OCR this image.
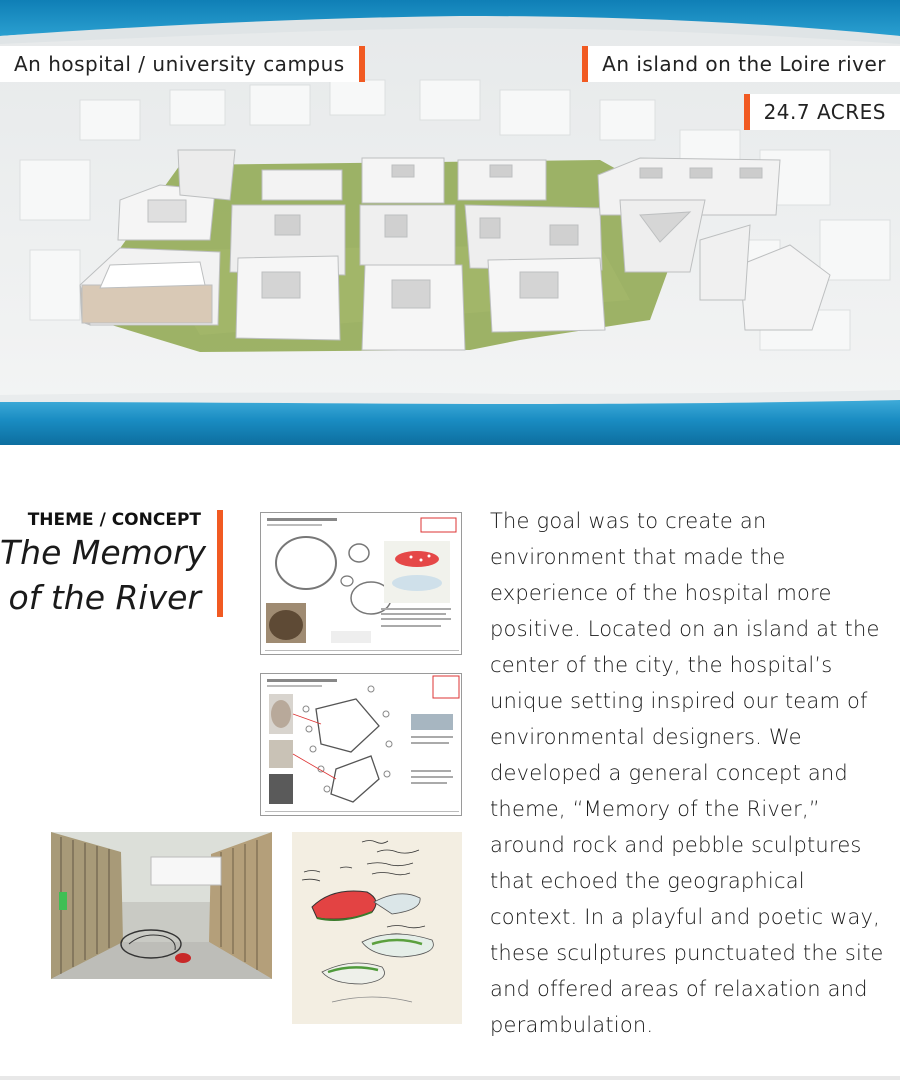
An hospital / university campus	An island on the Loire river
24.7 ACRES
THEME / CONCEPT
The Memory
of the River
The goal was to create an environment that made the experience of the hospital more positive. Located on an island at the center of the city, the hospital’s unique setting inspired our team of environmental designers. We developed a general concept and theme, “Memory of the River,” around rock and pebble sculptures that echoed the geographical context. In a playful and poetic way, these sculptures punctuated the site and offered areas of relaxation and perambulation.
